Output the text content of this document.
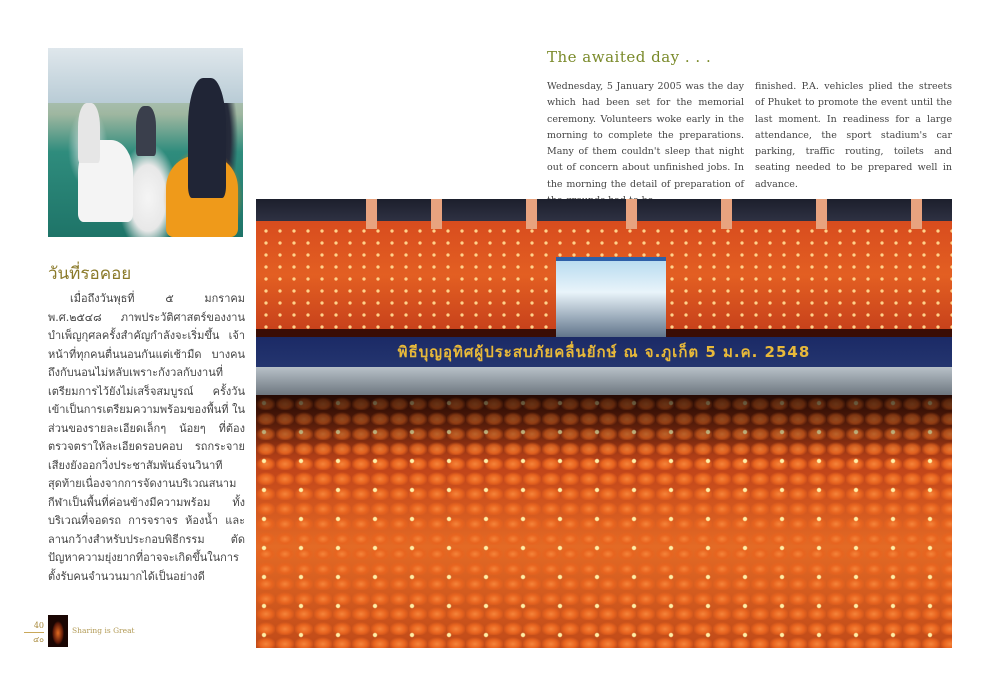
วันที่รอคอย

เมื่อถึงวันพุธที่ ๕ มกราคม พ.ศ.๒๕๔๘ ภาพประวัติศาสตร์ของงานบำเพ็ญกุศลครั้งสำคัญกำลังจะเริ่มขึ้น เจ้าหน้าที่ทุกคนตื่นนอนกันแต่เช้ามืด บางคนถึงกับนอนไม่หลับเพราะกังวลกับงานที่เตรียมการไว้ยังไม่เสร็จสมบูรณ์ ครั้งวันเข้าเป็นการเตรียมความพร้อมของพื้นที่ ในส่วนของรายละเอียดเล็กๆ น้อยๆ ที่ต้องตรวจตราให้ละเอียดรอบคอบ รถกระจายเสียงยังออกวิ่งประชาสัมพันธ์จนวินาทีสุดท้ายเนื่องจากการจัดงานบริเวณสนามกีฬาเป็นพื้นที่ค่อนข้างมีความพร้อม ทั้งบริเวณที่จอดรถ การจราจร ห้องน้ำ และลานกว้างสำหรับประกอบพิธีกรรม ตัดปัญหาความยุ่งยากที่อาจจะเกิดขึ้นในการตั้งรับคนจำนวนมากได้เป็นอย่างดี

The awaited day . . .

Wednesday, 5 January 2005 was the day which had been set for the memorial ceremony. Volunteers woke early in the morning to complete the preparations. Many of them couldn't sleep that night out of concern about unfinished jobs. In the morning the detail of preparation of

finished. P.A. vehicles plied the streets of Phuket to promote the event until the last moment. In readiness for a large attendance, the sport stadium's car parking, traffic routing, toilets and seating needed to be prepared well in advance.

พิธีบุญอุทิศผู้ประสบภัยคลื่นยักษ์ ณ จ.ภูเก็ต 5 ม.ค. 2548
40
๔๐
Sharing is Great
